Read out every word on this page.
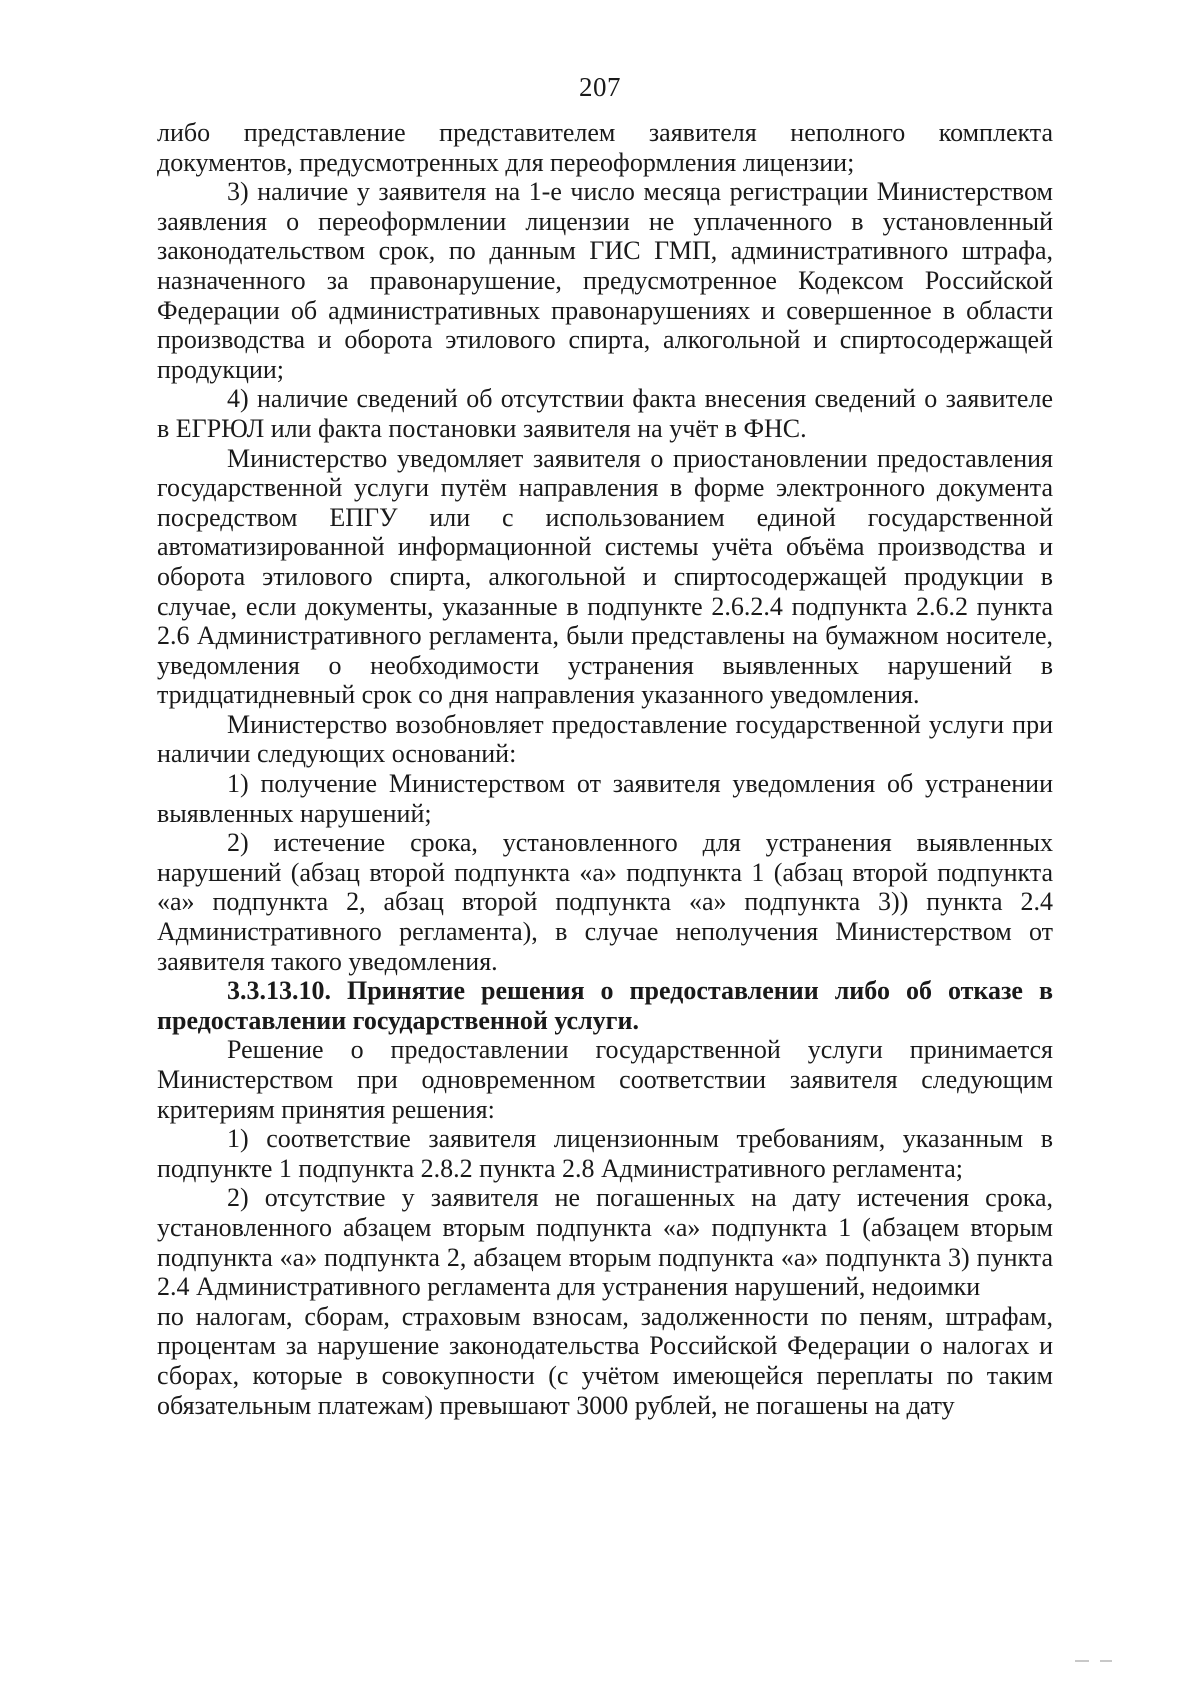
207

либо представление представителем заявителя неполного комплекта документов, предусмотренных для переоформления лицензии;

3) наличие у заявителя на 1-е число месяца регистрации Министерством заявления о переоформлении лицензии не уплаченного в установленный законодательством срок, по данным ГИС ГМП, административного штрафа, назначенного за правонарушение, предусмотренное Кодексом Российской Федерации об административных правонарушениях и совершенное в области производства и оборота этилового спирта, алкогольной и спиртосодержащей продукции;

4) наличие сведений об отсутствии факта внесения сведений о заявителе в ЕГРЮЛ или факта постановки заявителя на учёт в ФНС.

Министерство уведомляет заявителя о приостановлении предоставления государственной услуги путём направления в форме электронного документа посредством ЕПГУ или с использованием единой государственной автоматизированной информационной системы учёта объёма производства и оборота этилового спирта, алкогольной и спиртосодержащей продукции в случае, если документы, указанные в подпункте 2.6.2.4 подпункта 2.6.2 пункта 2.6 Административного регламента, были представлены на бумажном носителе, уведомления о необходимости устранения выявленных нарушений в тридцатидневный срок со дня направления указанного уведомления.

Министерство возобновляет предоставление государственной услуги при наличии следующих оснований:

1) получение Министерством от заявителя уведомления об устранении выявленных нарушений;

2) истечение срока, установленного для устранения выявленных нарушений (абзац второй подпункта «а» подпункта 1 (абзац второй подпункта «а» подпункта 2, абзац второй подпункта «а» подпункта 3)) пункта 2.4 Административного регламента), в случае неполучения Министерством от заявителя такого уведомления.

3.3.13.10. Принятие решения о предоставлении либо об отказе в предоставлении государственной услуги.

Решение о предоставлении государственной услуги принимается Министерством при одновременном соответствии заявителя следующим критериям принятия решения:

1) соответствие заявителя лицензионным требованиям, указанным в подпункте 1 подпункта 2.8.2 пункта 2.8 Административного регламента;

2) отсутствие у заявителя не погашенных на дату истечения срока, установленного абзацем вторым подпункта «а» подпункта 1 (абзацем вторым подпункта «а» подпункта 2, абзацем вторым подпункта «а» подпункта 3) пункта 2.4 Административного регламента для устранения нарушений, недоимки

по налогам, сборам, страховым взносам, задолженности по пеням, штрафам, процентам за нарушение законодательства Российской Федерации о налогах и сборах, которые в совокупности (с учётом имеющейся переплаты по таким обязательным платежам) превышают 3000 рублей, не погашены на дату
